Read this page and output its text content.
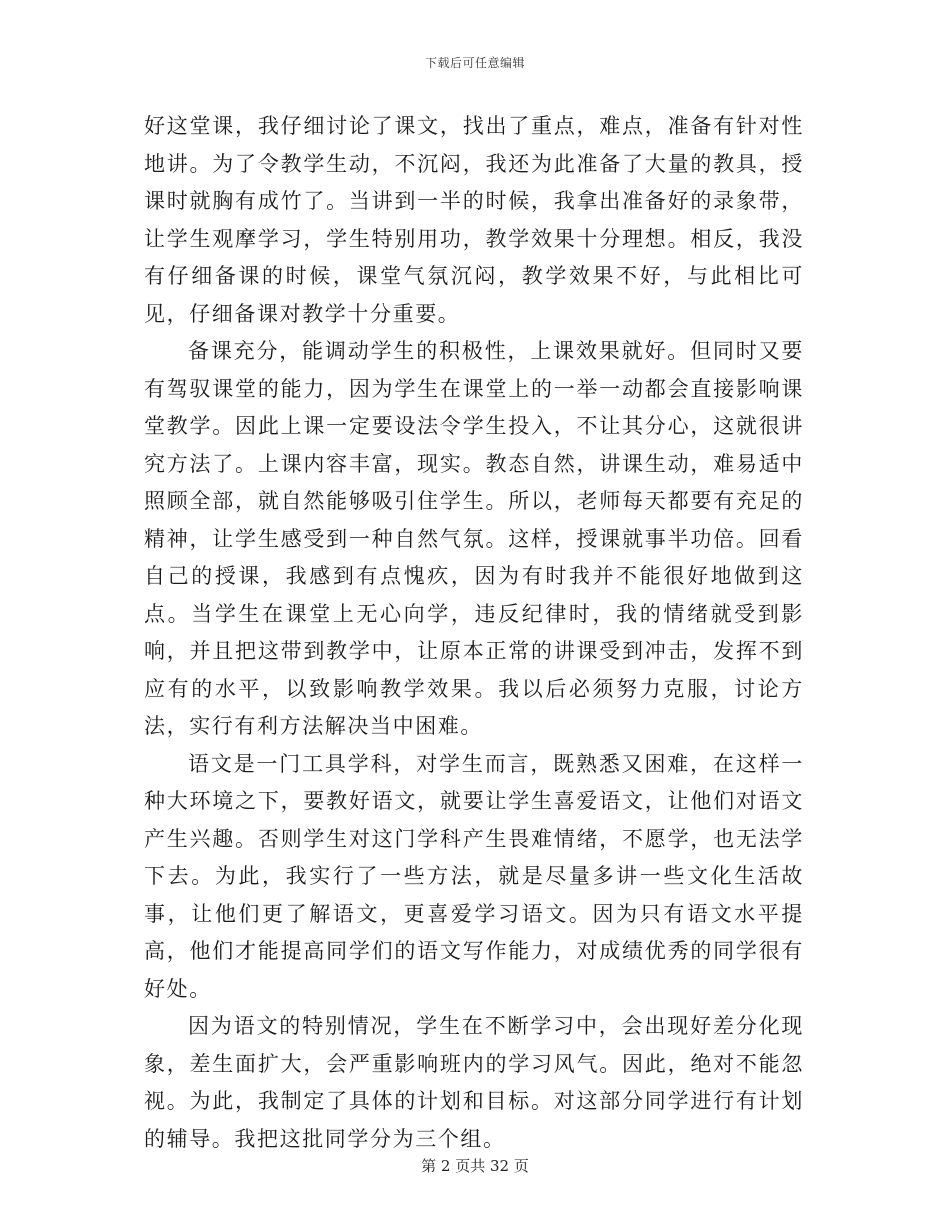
下载后可任意编辑

好这堂课，我仔细讨论了课文，找出了重点，难点，准备有针对性地讲。为了令教学生动，不沉闷，我还为此准备了大量的教具，授课时就胸有成竹了。当讲到一半的时候，我拿出准备好的录象带，让学生观摩学习，学生特别用功，教学效果十分理想。相反，我没有仔细备课的时候，课堂气氛沉闷，教学效果不好，与此相比可见，仔细备课对教学十分重要。

备课充分，能调动学生的积极性，上课效果就好。但同时又要有驾驭课堂的能力，因为学生在课堂上的一举一动都会直接影响课堂教学。因此上课一定要设法令学生投入，不让其分心，这就很讲究方法了。上课内容丰富，现实。教态自然，讲课生动，难易适中照顾全部，就自然能够吸引住学生。所以，老师每天都要有充足的精神，让学生感受到一种自然气氛。这样，授课就事半功倍。回看自己的授课，我感到有点愧疚，因为有时我并不能很好地做到这点。当学生在课堂上无心向学，违反纪律时，我的情绪就受到影响，并且把这带到教学中，让原本正常的讲课受到冲击，发挥不到应有的水平，以致影响教学效果。我以后必须努力克服，讨论方法，实行有利方法解决当中困难。

语文是一门工具学科，对学生而言，既熟悉又困难，在这样一种大环境之下，要教好语文，就要让学生喜爱语文，让他们对语文产生兴趣。否则学生对这门学科产生畏难情绪，不愿学，也无法学下去。为此，我实行了一些方法，就是尽量多讲一些文化生活故事，让他们更了解语文，更喜爱学习语文。因为只有语文水平提高，他们才能提高同学们的语文写作能力，对成绩优秀的同学很有好处。

因为语文的特别情况，学生在不断学习中，会出现好差分化现象，差生面扩大，会严重影响班内的学习风气。因此，绝对不能忽视。为此，我制定了具体的计划和目标。对这部分同学进行有计划的辅导。我把这批同学分为三个组。

第 2 页共 32 页
